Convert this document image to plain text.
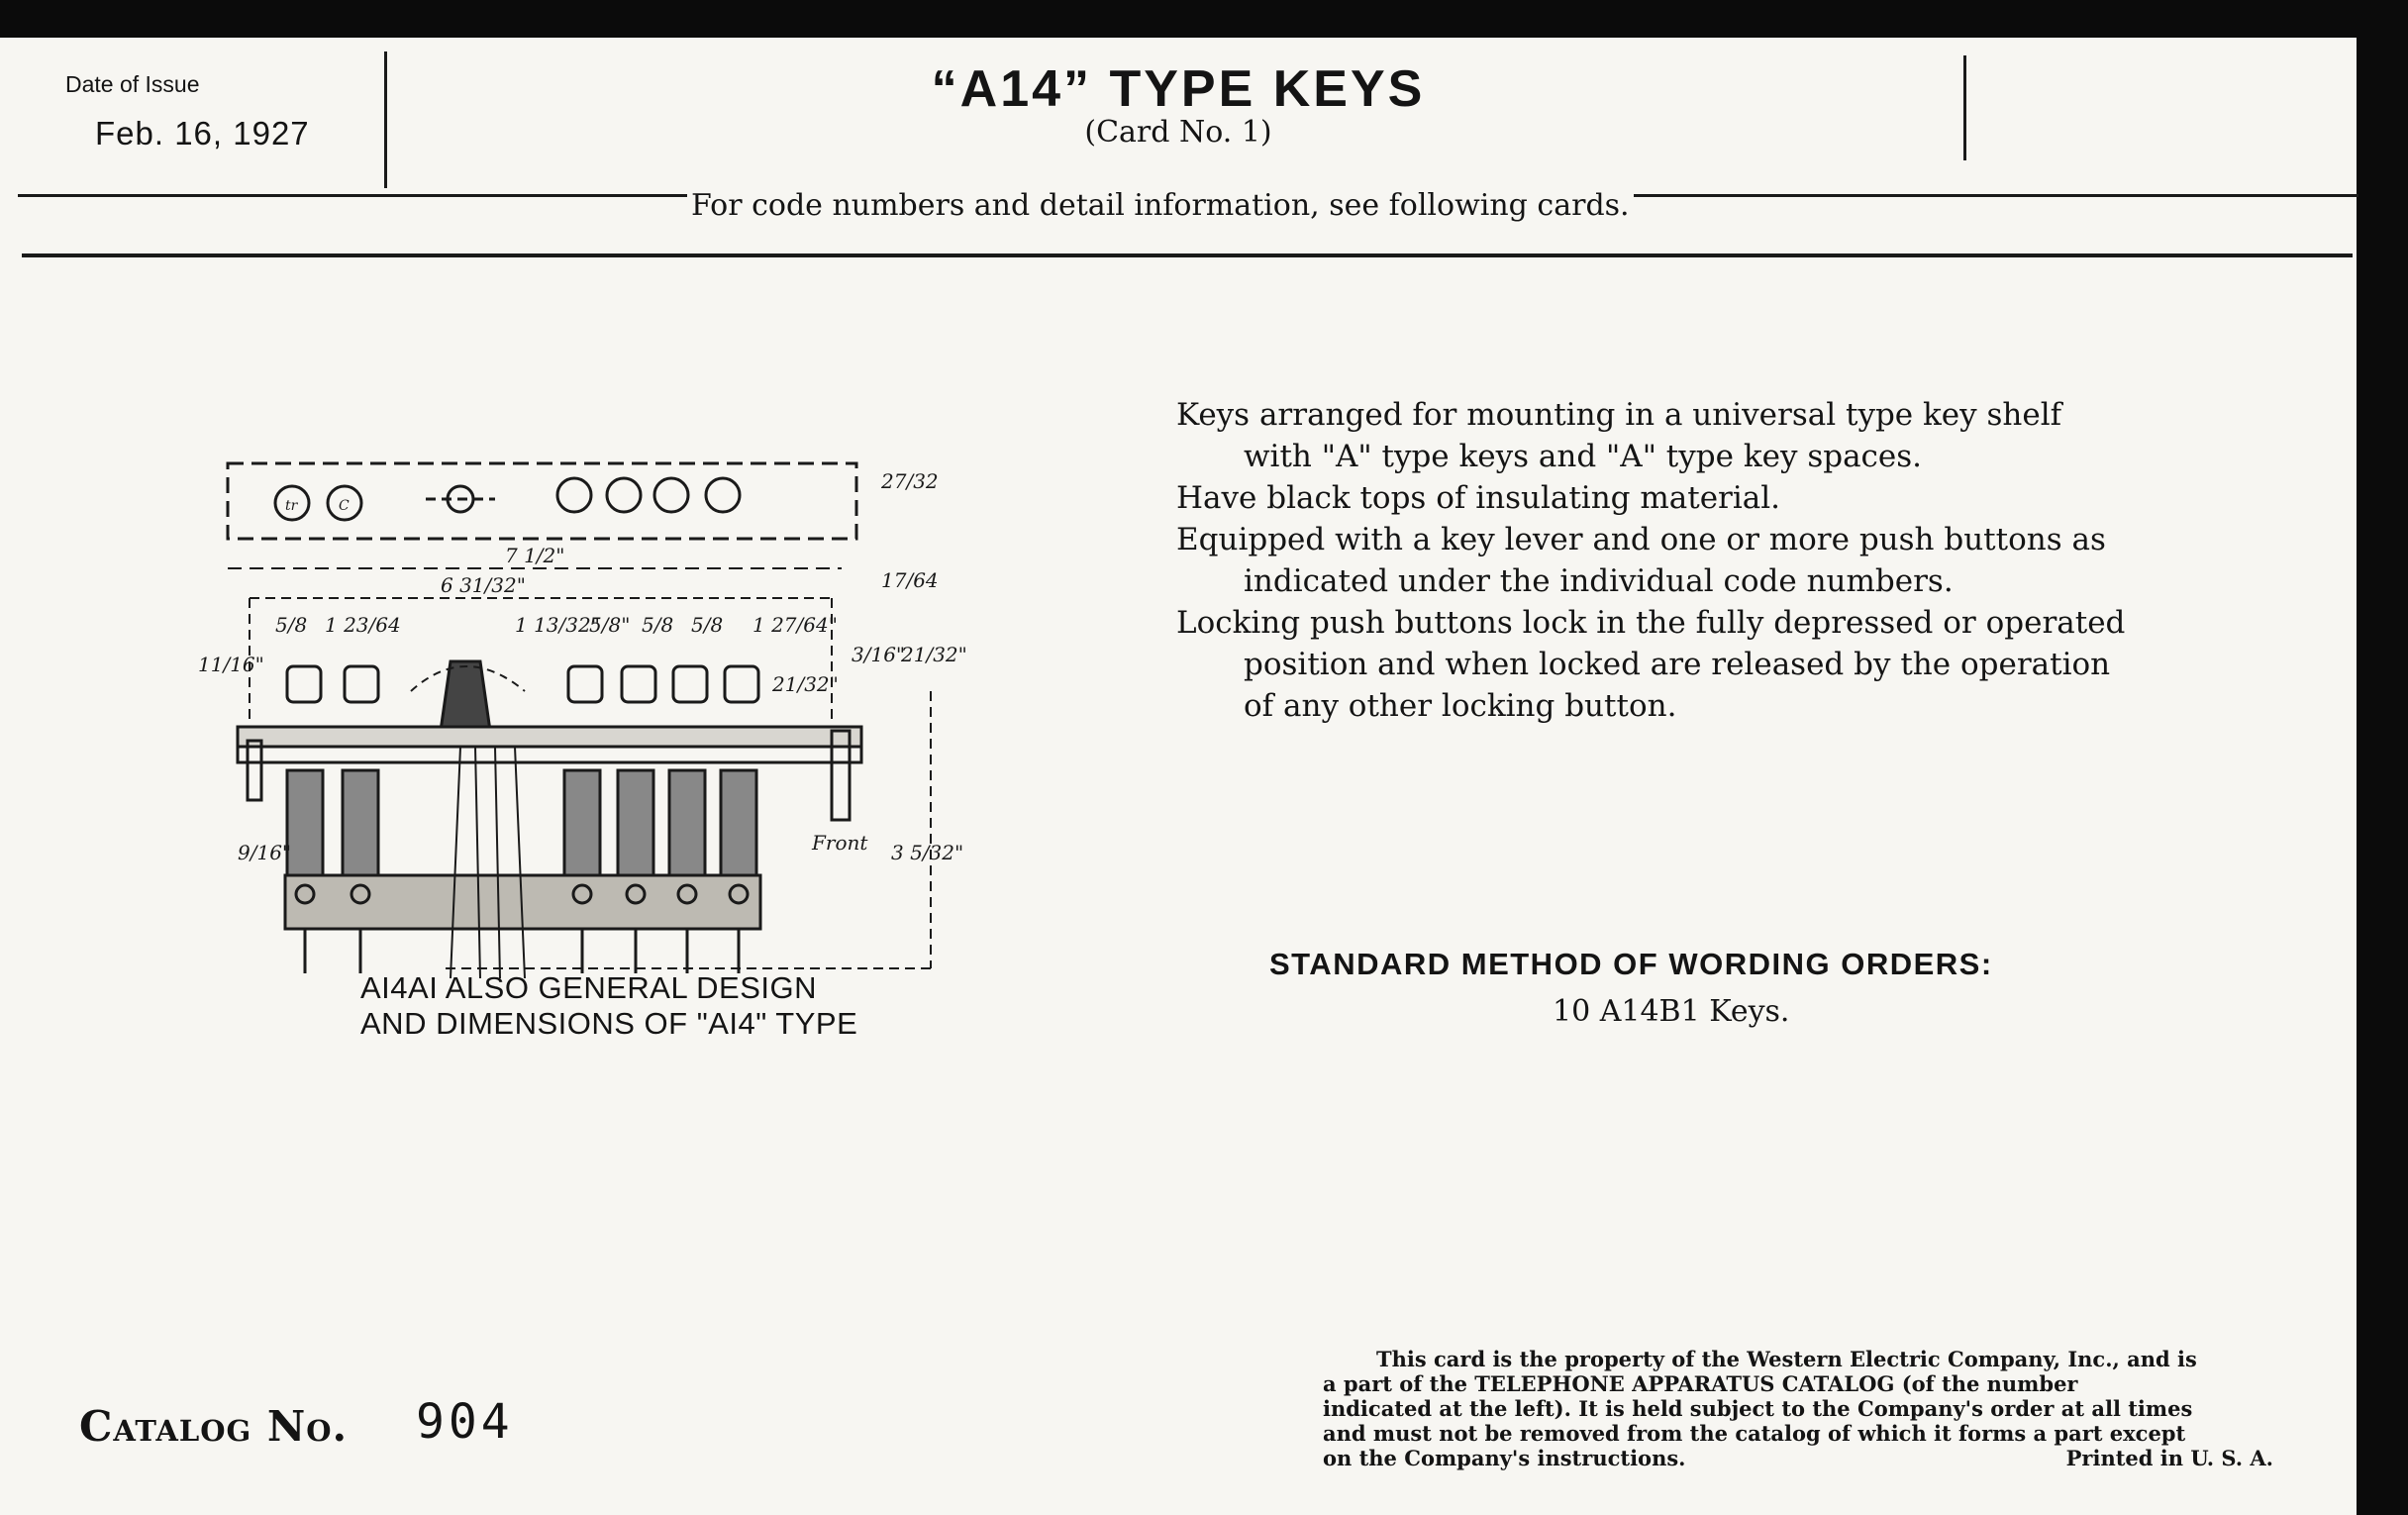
Date of Issue
Feb. 16, 1927
“A14” TYPE KEYS
(Card No. 1)
For code numbers and detail information, see following cards.
tr	C
27/32
7 1/2"
17/64
5/8 1 23/64
6 31/32"
1 13/32"
5/8" 5/8 5/8 1 27/64"
11/16"
21/32"
3/16"
21/32"
9/16"	Front 3 5/32"
AI4AI ALSO GENERAL DESIGN
AND DIMENSIONS OF "AI4" TYPE

Keys arranged for mounting in a universal type key shelf

with "A" type keys and "A" type key spaces.

Have black tops of insulating material.

Equipped with a key lever and one or more push buttons as

indicated under the individual code numbers.

Locking push buttons lock in the fully depressed or operated

position and when locked are released by the operation

of any other locking button.

STANDARD METHOD OF WORDING ORDERS:
10 A14B1 Keys.
Catalog No. 904
This card is the property of the Western Electric Company, Inc., and is
a part of the TELEPHONE APPARATUS CATALOG (of the number
indicated at the left). It is held subject to the Company's order at all times
and must not be removed from the catalog of which it forms a part except
on the Company's instructions.	Printed in U. S. A.
